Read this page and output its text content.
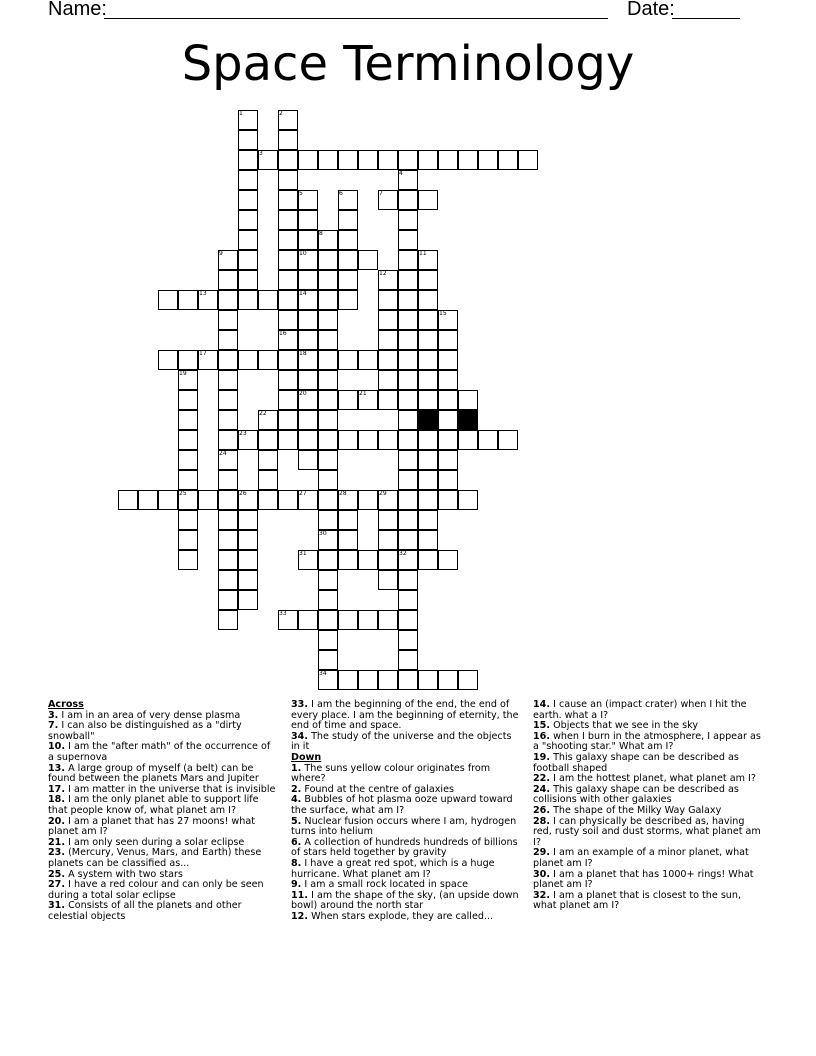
Name:	Date:
Space Terminology
1	2
3
4
5	6	7
8
9	10	11
12
13	14
15
16
17	18
19
20	21
22
23
24
25	26	27	28	29
30
31	32
33
34
Across
3. I am in an area of very dense plasma
7. I can also be distinguished as a "dirty snowball"
10. I am the "after math" of the occurrence of a supernova
13. A large group of myself (a belt) can be found between the planets Mars and Jupiter
17. I am matter in the universe that is invisible
18. I am the only planet able to support life that people know of, what planet am I?
20. I am a planet that has 27 moons! what planet am I?
21. I am only seen during a solar eclipse
23. (Mercury, Venus, Mars, and Earth) these planets can be classified as...
25. A system with two stars
27. I have a red colour and can only be seen during a total solar eclipse
31. Consists of all the planets and other celestial objects
33. I am the beginning of the end, the end of every place. I am the beginning of eternity, the end of time and space.
34. The study of the universe and the objects in it
Down
1. The suns yellow colour originates from where?
2. Found at the centre of galaxies
4. Bubbles of hot plasma ooze upward toward the surface, what am I?
5. Nuclear fusion occurs where I am, hydrogen turns into helium
6. A collection of hundreds hundreds of billions of stars held together by gravity
8. I have a great red spot, which is a huge hurricane. What planet am I?
9. I am a small rock located in space
11. I am the shape of the sky, (an upside down bowl) around the north star
12. When stars explode, they are called...
14. I cause an (impact crater) when I hit the earth. what a I?
15. Objects that we see in the sky
16. when I burn in the atmosphere, I appear as a "shooting star." What am I?
19. This galaxy shape can be described as football shaped
22. I am the hottest planet, what planet am I?
24. This galaxy shape can be described as collisions with other galaxies
26. The shape of the Milky Way Galaxy
28. I can physically be described as, having red, rusty soil and dust storms, what planet am I?
29. I am an example of a minor planet, what planet am I?
30. I am a planet that has 1000+ rings! What planet am I?
32. I am a planet that is closest to the sun, what planet am I?
